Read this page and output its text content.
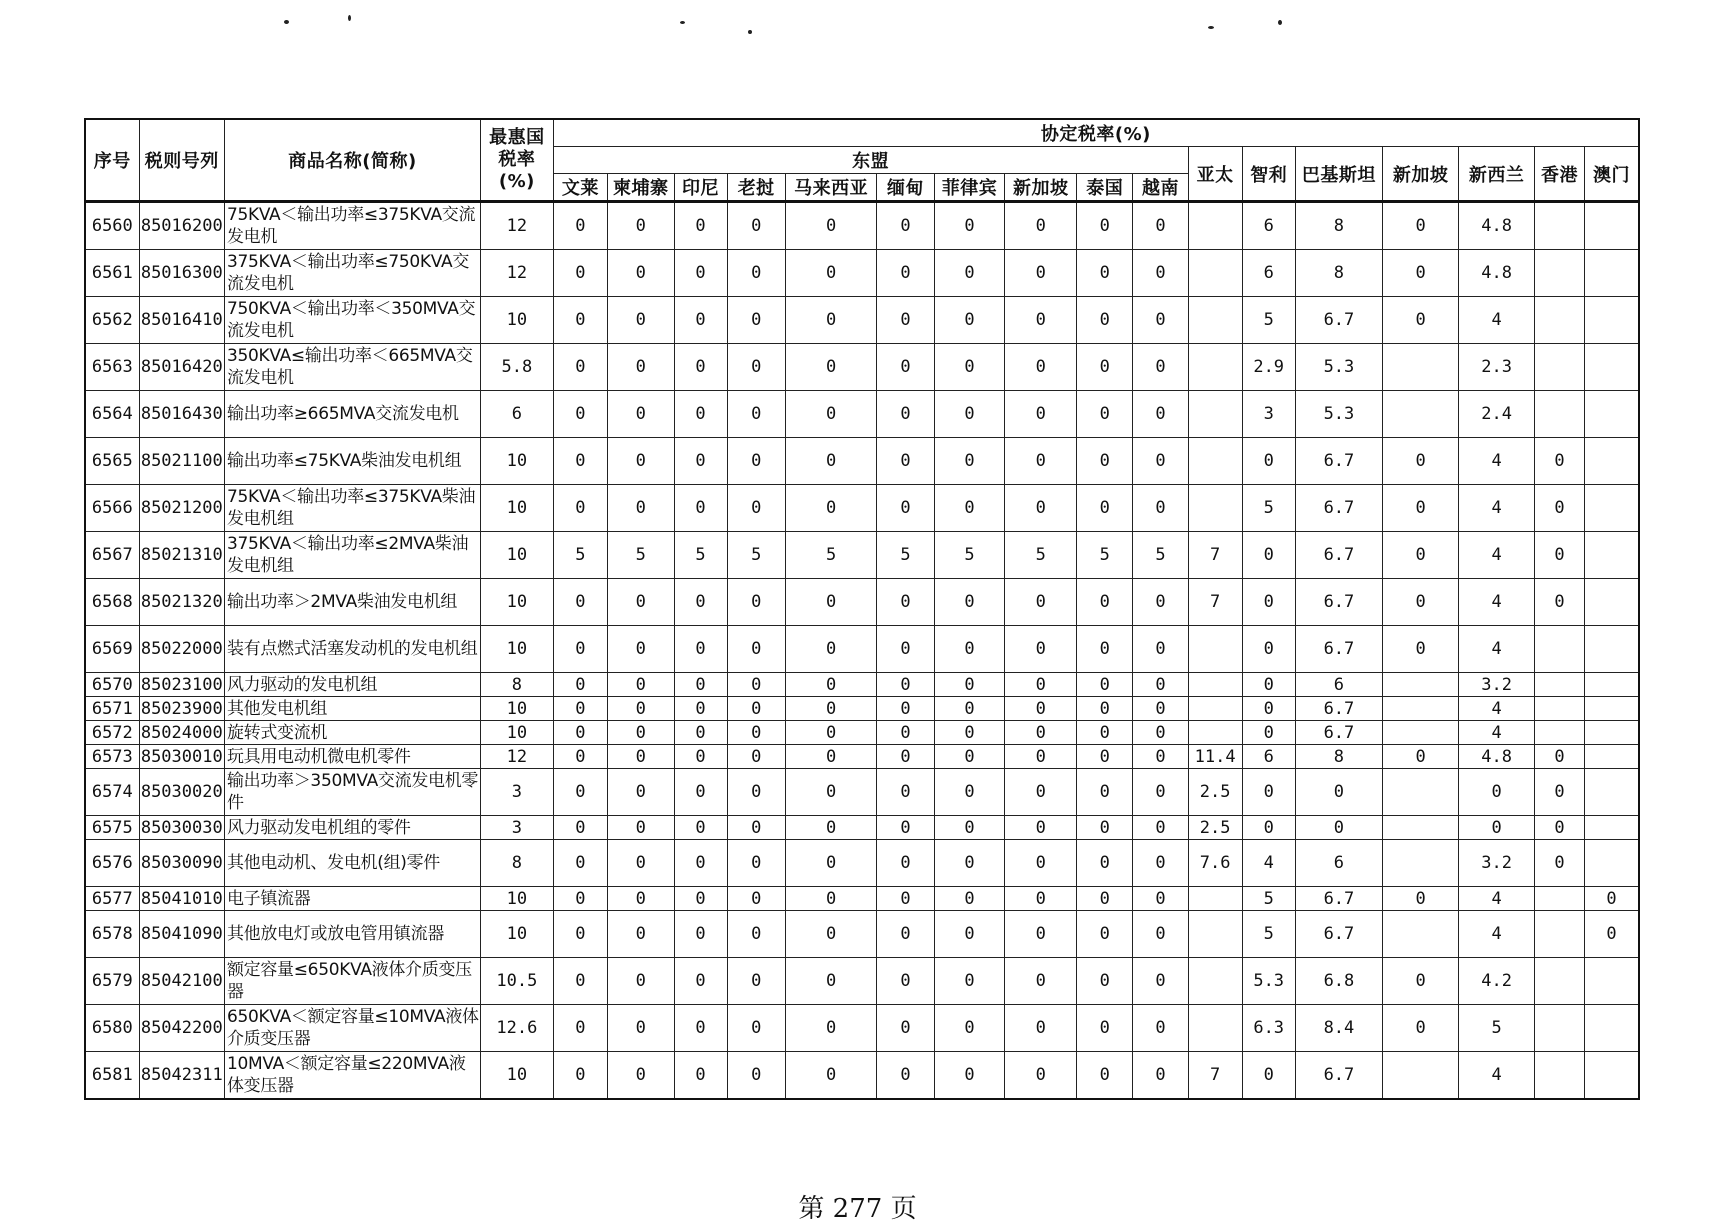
序号	税则号列	商品名称(简称)	最惠国税率(%)	协定税率(%)																
				东盟										亚太	智利	巴基斯坦	新加坡	新西兰	香港	澳门
				文莱	柬埔寨	印尼	老挝	马来西亚	缅甸	菲律宾	新加坡	泰国	越南							
6560	85016200	75KVA＜输出功率≤375KVA交流发电机	12	0	0	0	0	0	0	0	0	0	0		6	8	0	4.8		
6561	85016300	375KVA＜输出功率≤750KVA交流发电机	12	0	0	0	0	0	0	0	0	0	0		6	8	0	4.8		
6562	85016410	750KVA＜输出功率＜350MVA交流发电机	10	0	0	0	0	0	0	0	0	0	0		5	6.7	0	4		
6563	85016420	350KVA≤输出功率＜665MVA交流发电机	5.8	0	0	0	0	0	0	0	0	0	0		2.9	5.3		2.3		
6564	85016430	输出功率≥665MVA交流发电机	6	0	0	0	0	0	0	0	0	0	0		3	5.3		2.4		
6565	85021100	输出功率≤75KVA柴油发电机组	10	0	0	0	0	0	0	0	0	0	0		0	6.7	0	4	0	
6566	85021200	75KVA＜输出功率≤375KVA柴油发电机组	10	0	0	0	0	0	0	0	0	0	0		5	6.7	0	4	0	
6567	85021310	375KVA＜输出功率≤2MVA柴油发电机组	10	5	5	5	5	5	5	5	5	5	5	7	0	6.7	0	4	0	
6568	85021320	输出功率＞2MVA柴油发电机组	10	0	0	0	0	0	0	0	0	0	0	7	0	6.7	0	4	0	
6569	85022000	装有点燃式活塞发动机的发电机组	10	0	0	0	0	0	0	0	0	0	0		0	6.7	0	4		
6570	85023100	风力驱动的发电机组	8	0	0	0	0	0	0	0	0	0	0		0	6		3.2		
6571	85023900	其他发电机组	10	0	0	0	0	0	0	0	0	0	0		0	6.7		4		
6572	85024000	旋转式变流机	10	0	0	0	0	0	0	0	0	0	0		0	6.7		4		
6573	85030010	玩具用电动机微电机零件	12	0	0	0	0	0	0	0	0	0	0	11.4	6	8	0	4.8	0	
6574	85030020	输出功率＞350MVA交流发电机零件	3	0	0	0	0	0	0	0	0	0	0	2.5	0	0		0	0	
6575	85030030	风力驱动发电机组的零件	3	0	0	0	0	0	0	0	0	0	0	2.5	0	0		0	0	
6576	85030090	其他电动机、发电机(组)零件	8	0	0	0	0	0	0	0	0	0	0	7.6	4	6		3.2	0	
6577	85041010	电子镇流器	10	0	0	0	0	0	0	0	0	0	0		5	6.7	0	4		0
6578	85041090	其他放电灯或放电管用镇流器	10	0	0	0	0	0	0	0	0	0	0		5	6.7		4		0
6579	85042100	额定容量≤650KVA液体介质变压器	10.5	0	0	0	0	0	0	0	0	0	0		5.3	6.8	0	4.2		
6580	85042200	650KVA＜额定容量≤10MVA液体介质变压器	12.6	0	0	0	0	0	0	0	0	0	0		6.3	8.4	0	5		
6581	85042311	10MVA＜额定容量≤220MVA液体变压器	10	0	0	0	0	0	0	0	0	0	0	7	0	6.7		4		
第 277 页
